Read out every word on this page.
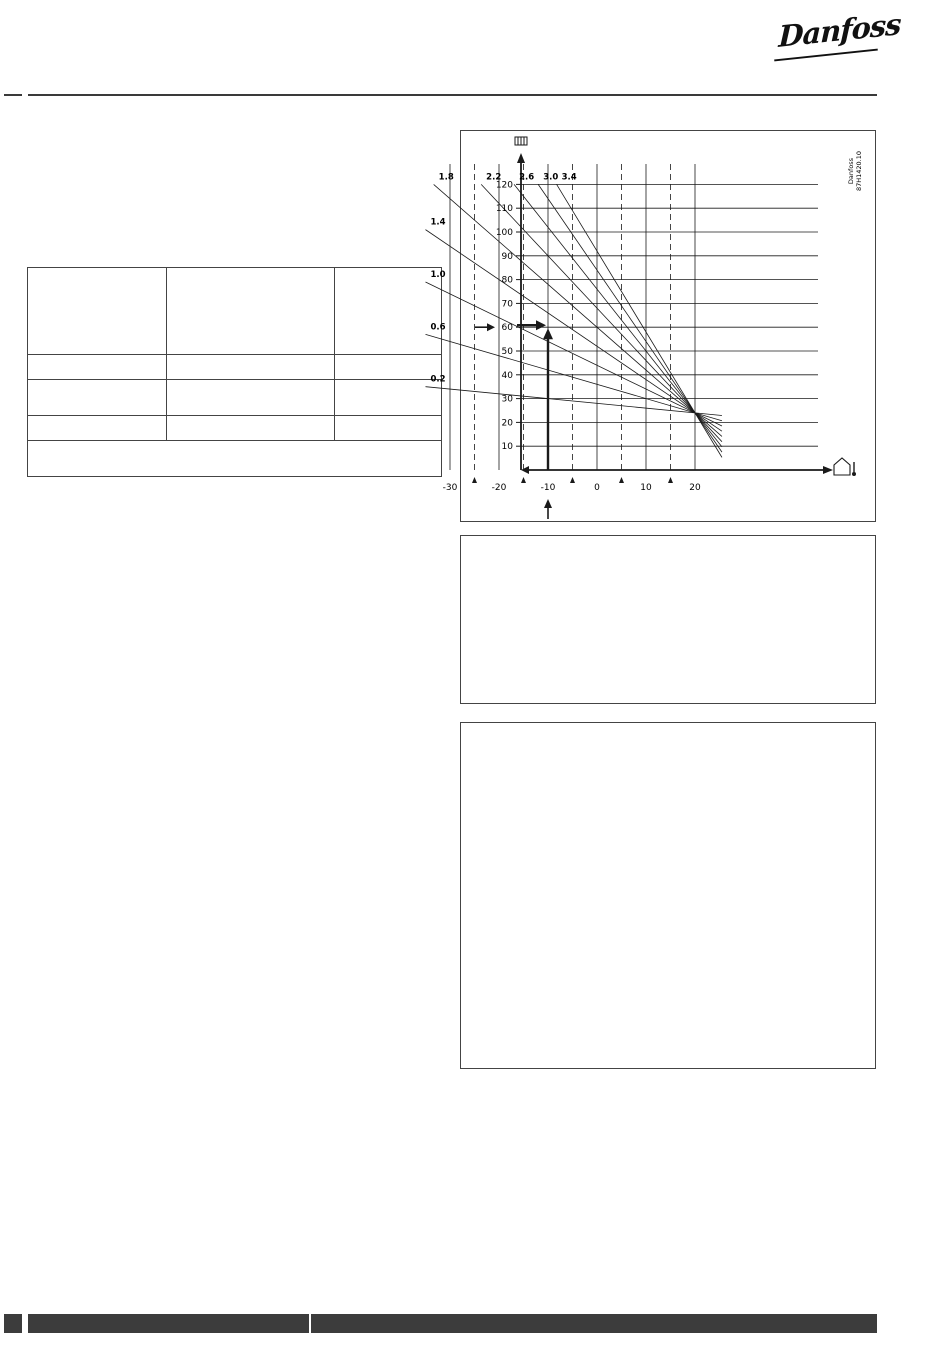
Danfoss
10
20
30
40
50
60
70
80
90
100
110
120
-30	-20	-10	0	10	20
0.2
0.6
1.0
1.4
1.8	2.2 2.6 3.0 3.4	Danfoss 87H1420.10
